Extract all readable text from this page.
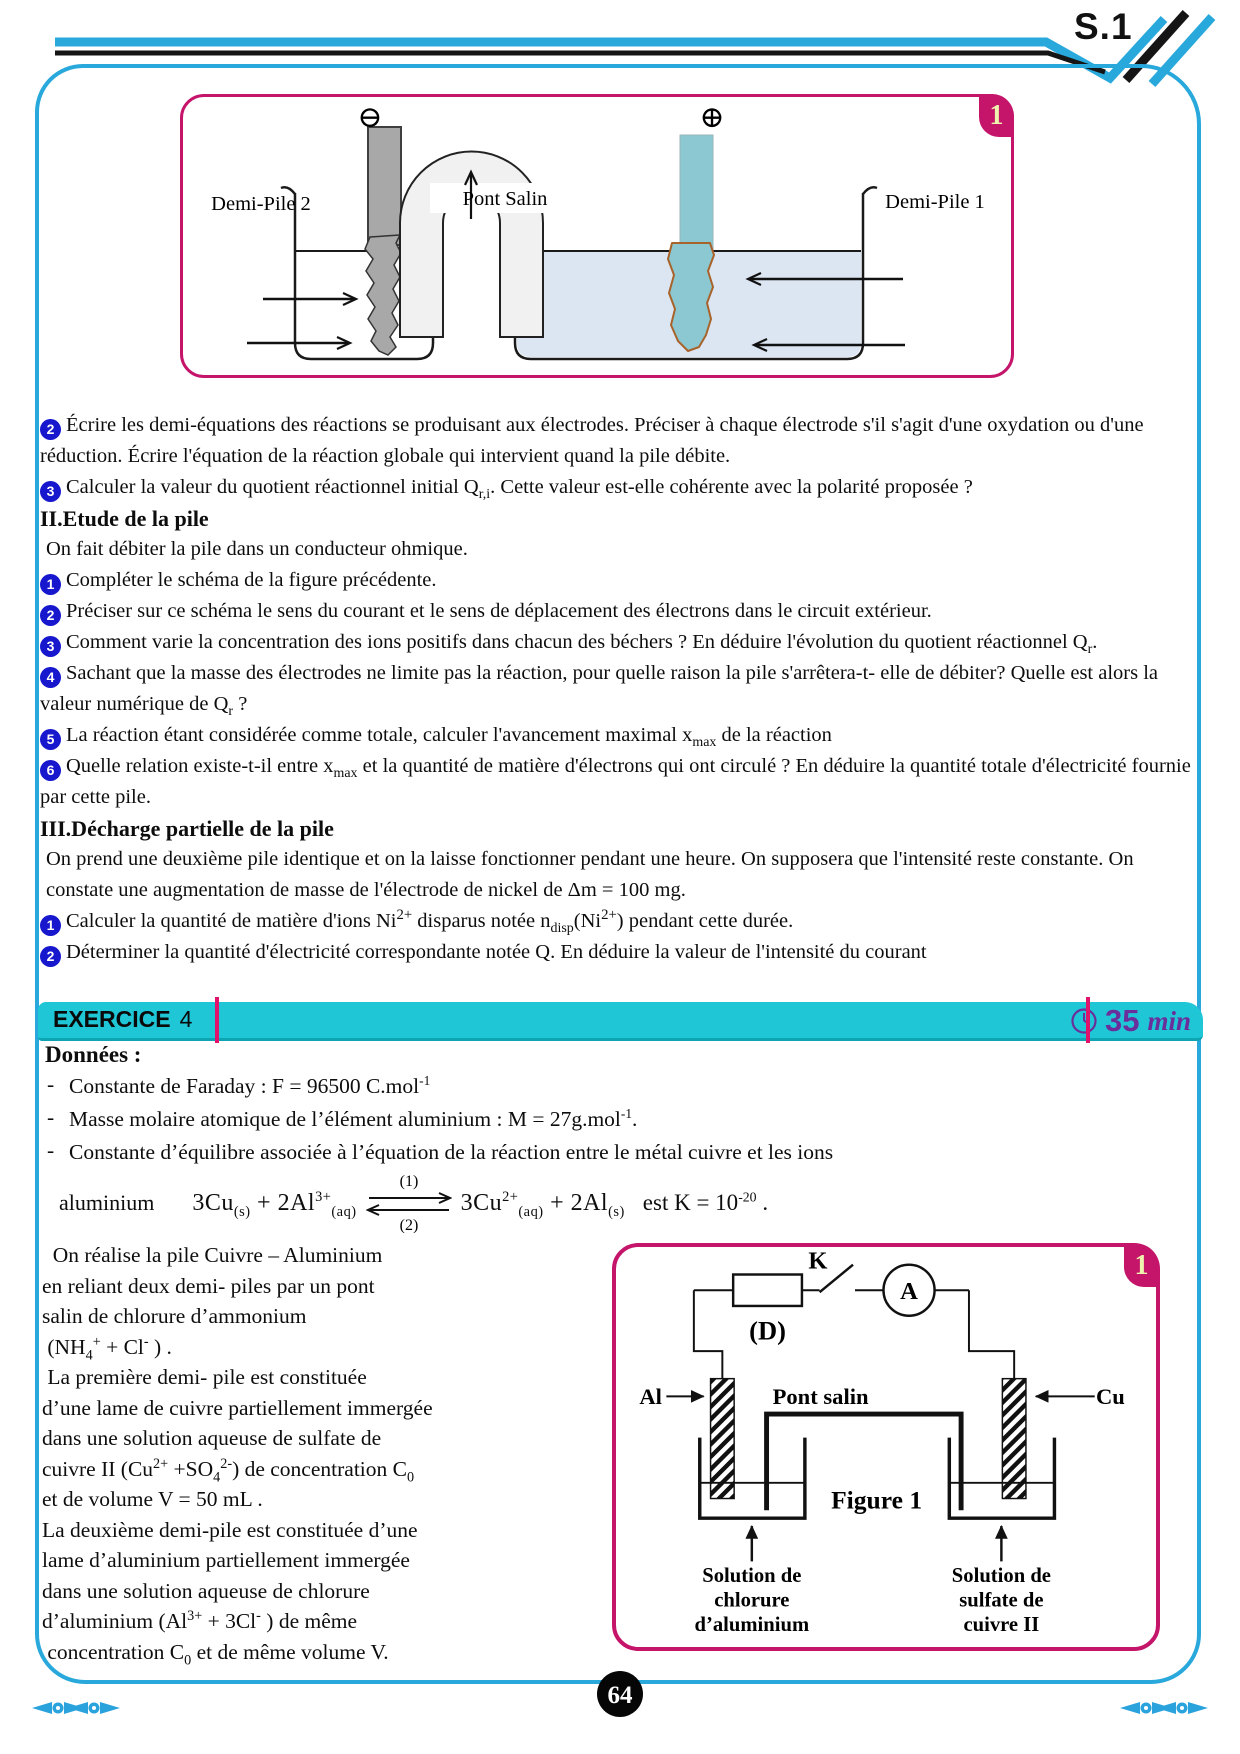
S.1
1
⊖	⊕
Demi-Pile 2	Pont Salin	Demi-Pile 1
2 Écrire les demi-équations des réactions se produisant aux électrodes. Préciser à chaque électrode s'il s'agit d'une oxydation ou d'une réduction. Écrire l'équation de la réaction globale qui intervient quand la pile débite.
3 Calculer la valeur du quotient réactionnel initial $Q_{r,i}$. Cette valeur est-elle cohérente avec la polarité proposée ?
II.Etude de la pile
On fait débiter la pile dans un conducteur ohmique.
1 Compléter le schéma de la figure précédente.
2 Préciser sur ce schéma le sens du courant et le sens de déplacement des électrons dans le circuit extérieur.
3 Comment varie la concentration des ions positifs dans chacun des béchers ? En déduire l'évolution du quotient réactionnel $Q_r$.
4 Sachant que la masse des électrodes ne limite pas la réaction, pour quelle raison la pile s'arrêtera-t- elle de débiter? Quelle est alors la valeur numérique de $Q_r$ ?
5 La réaction étant considérée comme totale, calculer l'avancement maximal $x_{max}$ de la réaction
6 Quelle relation existe-t-il entre $x_{max}$ et la quantité de matière d'électrons qui ont circulé ? En déduire la quantité totale d'électricité fournie par cette pile.
III.Décharge partielle de la pile
On prend une deuxième pile identique et on la laisse fonctionner pendant une heure. On supposera que l'intensité reste constante. On constate une augmentation de masse de l'électrode de nickel de Δm = 100 mg.
1 Calculer la quantité de matière d'ions $Ni^{2+}$ disparus notée $n_{disp}(Ni^{2+})$ pendant cette durée.
2 Déterminer la quantité d'électricité correspondante notée Q. En déduire la valeur de l'intensité du courant
EXERCICE 4	35 min
Données :
- Constante de Faraday : F = 96500 C.mol$^{-1}$
- Masse molaire atomique de l’élément aluminium : M = 27g.mol$^{-1}$.
- Constante d’équilibre associée à l’équation de la réaction entre le métal cuivre et les ions
aluminium $3Cu_{(s)} + 2Al^{3+}_{(aq)}$
(1)
(2)
$3Cu^{2+}_{(aq)} + 2Al_{(s)}$ est $K = 10^{-20}$ .
On réalise la pile Cuivre – Aluminium
en reliant deux demi- piles par un pont
salin de chlorure d’ammonium
($NH_4^+ + Cl^-$ ) .
La première demi- pile est constituée
d’une lame de cuivre partiellement immergée
dans une solution aqueuse de sulfate de
cuivre II $(Cu^{2+} +SO_4^{2-})$ de concentration $C_0$
et de volume V = 50 mL .
La deuxième demi-pile est constituée d’une
lame d’aluminium partiellement immergée
dans une solution aqueuse de chlorure
d’aluminium ($Al^{3+} + 3Cl^-$ ) de même
concentration $C_0$ et de même volume V.
1
(D)
K
A
Al	Cu
Pont salin
Figure 1
Solution de
chlorure
d’aluminium
Solution de
sulfate de
cuivre II
64
